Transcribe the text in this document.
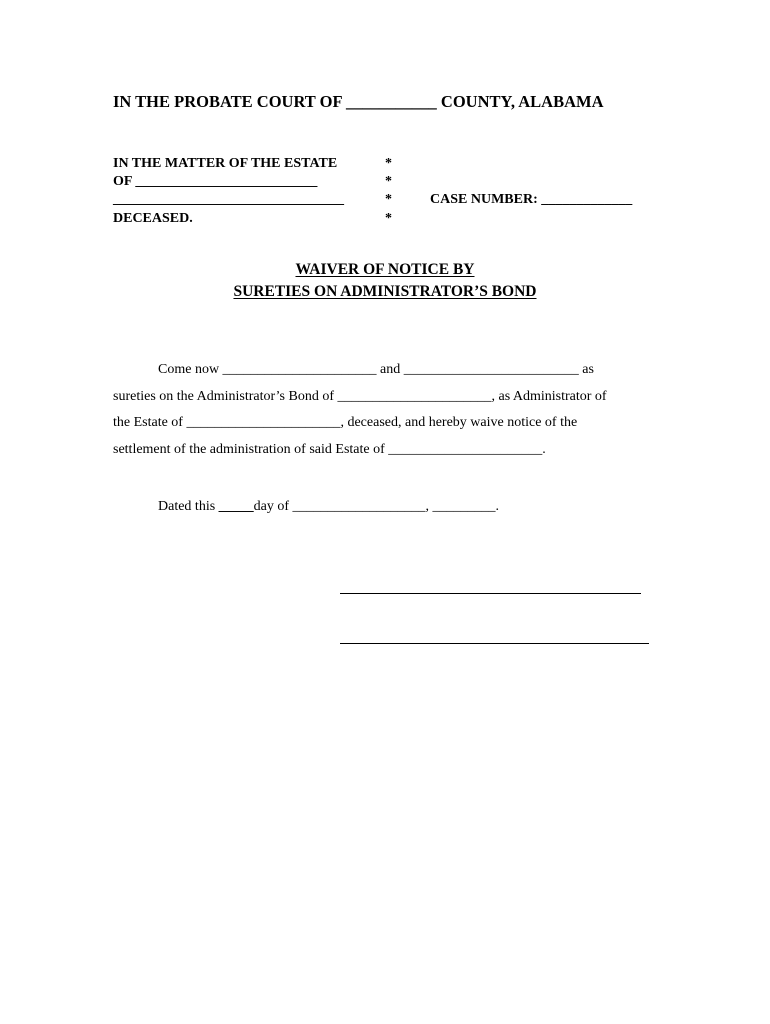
IN THE PROBATE COURT OF ___________ COUNTY, ALABAMA
IN THE MATTER OF THE ESTATE
OF __________________________
_________________________________
DECEASED.
*
*
*
*
CASE NUMBER: _____________
WAIVER OF NOTICE BY
SURETIES ON ADMINISTRATOR’S BOND
Come now ______________________ and _________________________ as
sureties on the Administrator’s Bond of ______________________, as Administrator of
the Estate of ______________________, deceased, and hereby waive notice of the
settlement of the administration of said Estate of ______________________.
Dated this _____day of ___________________, _________.
